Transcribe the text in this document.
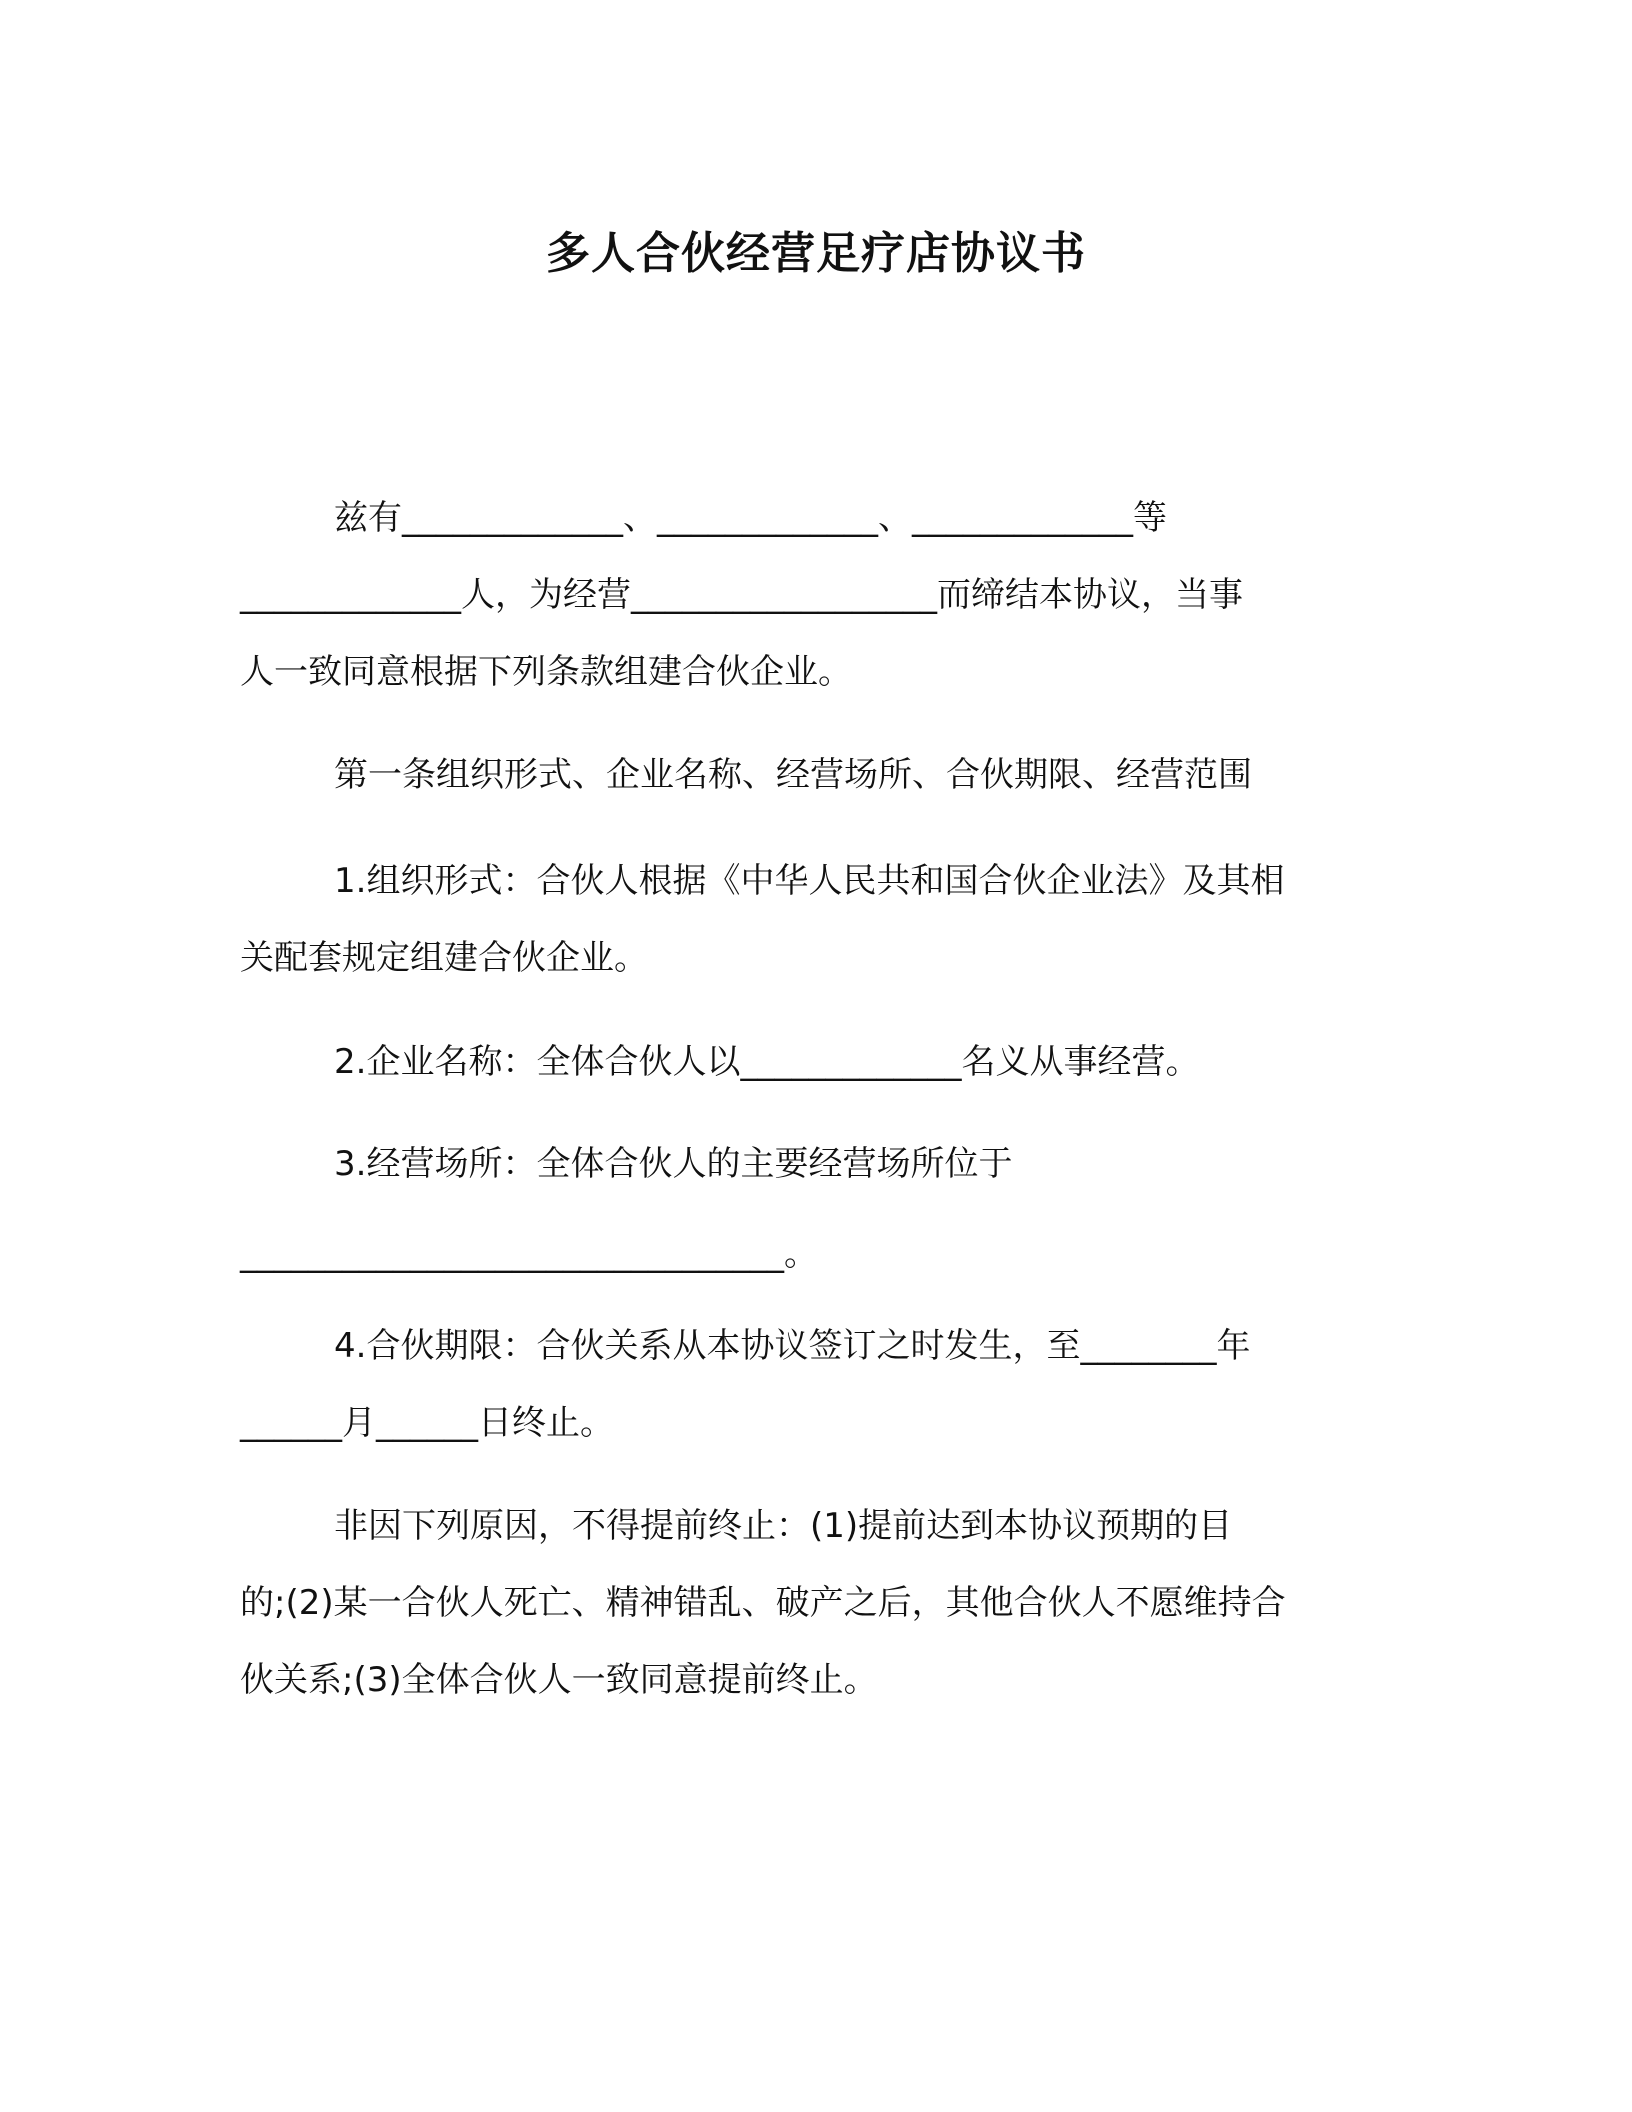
多人合伙经营足疗店协议书
兹有_____________、_____________、_____________等
_____________人，为经营__________________而缔结本协议，当事
人一致同意根据下列条款组建合伙企业。
第一条组织形式、企业名称、经营场所、合伙期限、经营范围
1.组织形式：合伙人根据《中华人民共和国合伙企业法》及其相
关配套规定组建合伙企业。
2.企业名称：全体合伙人以_____________名义从事经营。
3.经营场所：全体合伙人的主要经营场所位于
________________________________。
4.合伙期限：合伙关系从本协议签订之时发生，至________年
______月______日终止。
非因下列原因，不得提前终止：(1)提前达到本协议预期的目
的;(2)某一合伙人死亡、精神错乱、破产之后，其他合伙人不愿维持合
伙关系;(3)全体合伙人一致同意提前终止。
